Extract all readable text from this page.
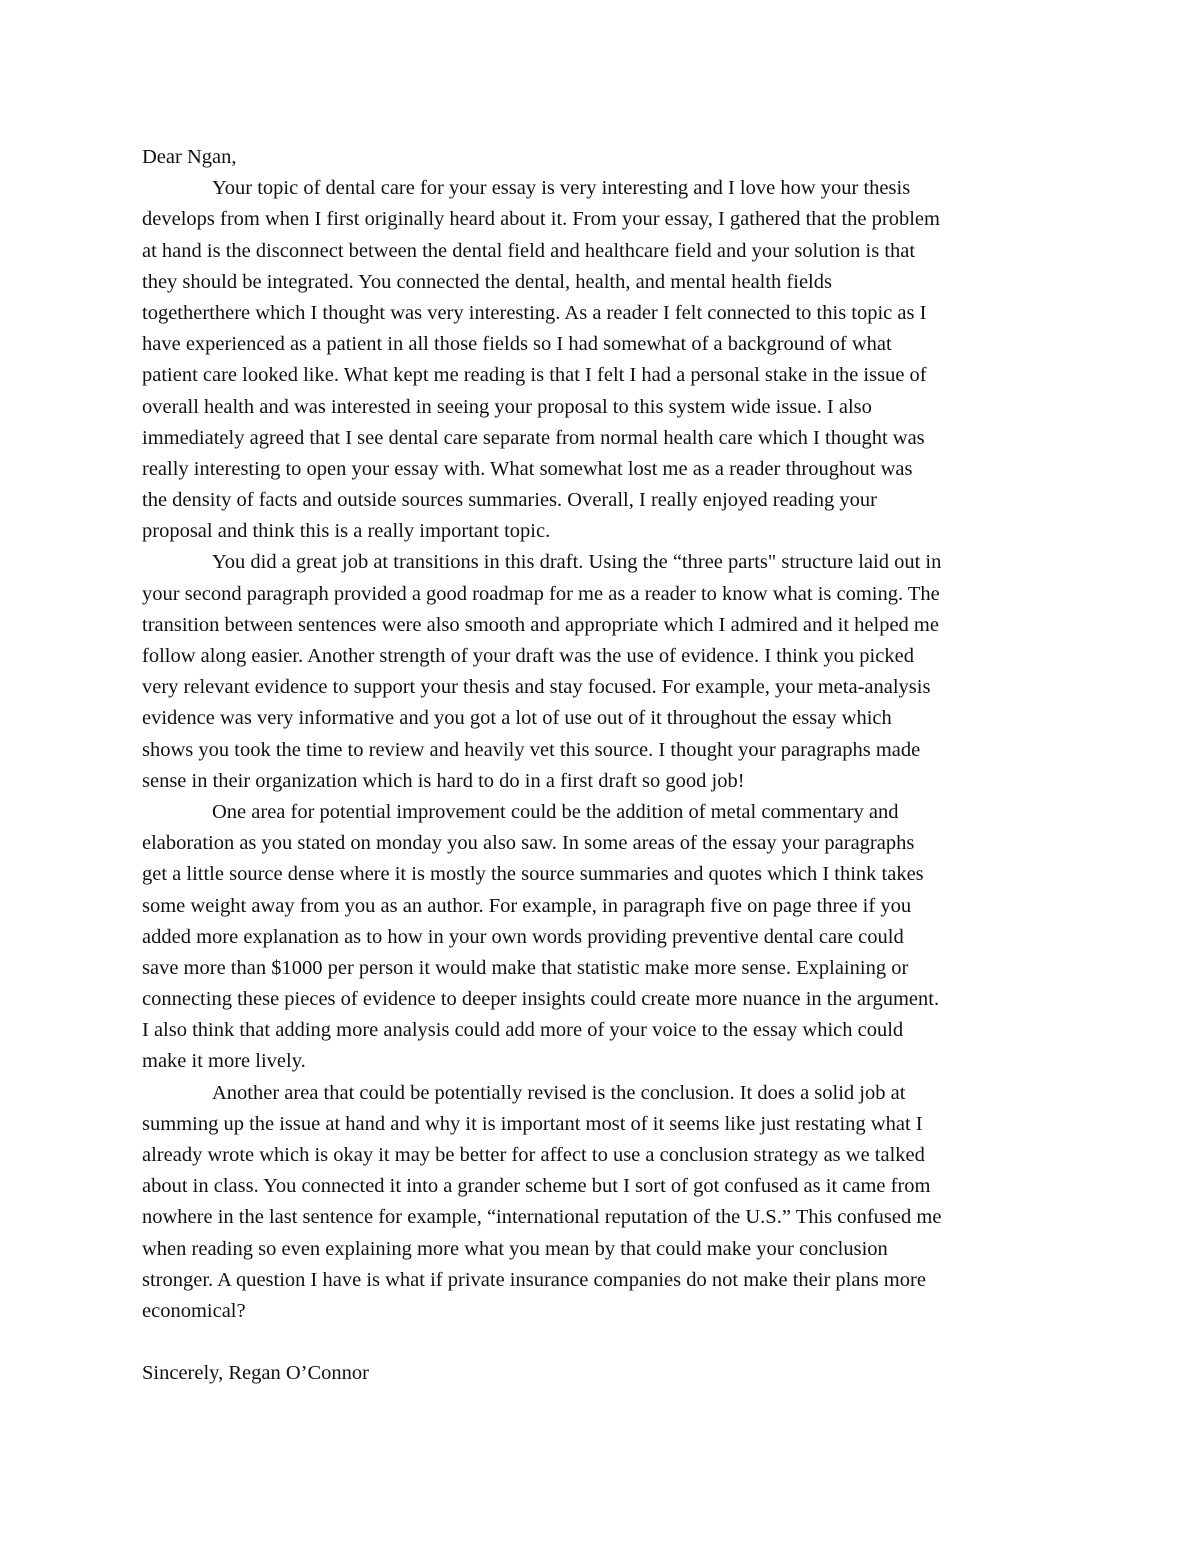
Dear Ngan,
Your topic of dental care for your essay is very interesting and I love how your thesis
develops from when I first originally heard about it. From your essay, I gathered that the problem
at hand is the disconnect between the dental field and healthcare field and your solution is that
they should be integrated. You connected the dental, health, and mental health fields
togetherthere which I thought was very interesting. As a reader I felt connected to this topic as I
have experienced as a patient in all those fields so I had somewhat of a background of what
patient care looked like. What kept me reading is that I felt I had a personal stake in the issue of
overall health and was interested in seeing your proposal to this system wide issue. I also
immediately agreed that I see dental care separate from normal health care which I thought was
really interesting to open your essay with. What somewhat lost me as a reader throughout was
the density of facts and outside sources summaries. Overall, I really enjoyed reading your
proposal and think this is a really important topic.
You did a great job at transitions in this draft. Using the “three parts" structure laid out in
your second paragraph provided a good roadmap for me as a reader to know what is coming. The
transition between sentences were also smooth and appropriate which I admired and it helped me
follow along easier. Another strength of your draft was the use of evidence. I think you picked
very relevant evidence to support your thesis and stay focused. For example, your meta-analysis
evidence was very informative and you got a lot of use out of it throughout the essay which
shows you took the time to review and heavily vet this source. I thought your paragraphs made
sense in their organization which is hard to do in a first draft so good job!
One area for potential improvement could be the addition of metal commentary and
elaboration as you stated on monday you also saw. In some areas of the essay your paragraphs
get a little source dense where it is mostly the source summaries and quotes which I think takes
some weight away from you as an author. For example, in paragraph five on page three if you
added more explanation as to how in your own words providing preventive dental care could
save more than $1000 per person it would make that statistic make more sense. Explaining or
connecting these pieces of evidence to deeper insights could create more nuance in the argument.
I also think that adding more analysis could add more of your voice to the essay which could
make it more lively.
Another area that could be potentially revised is the conclusion. It does a solid job at
summing up the issue at hand and why it is important most of it seems like just restating what I
already wrote which is okay it may be better for affect to use a conclusion strategy as we talked
about in class. You connected it into a grander scheme but I sort of got confused as it came from
nowhere in the last sentence for example, “international reputation of the U.S.” This confused me
when reading so even explaining more what you mean by that could make your conclusion
stronger. A question I have is what if private insurance companies do not make their plans more
economical?
Sincerely, Regan O’Connor
